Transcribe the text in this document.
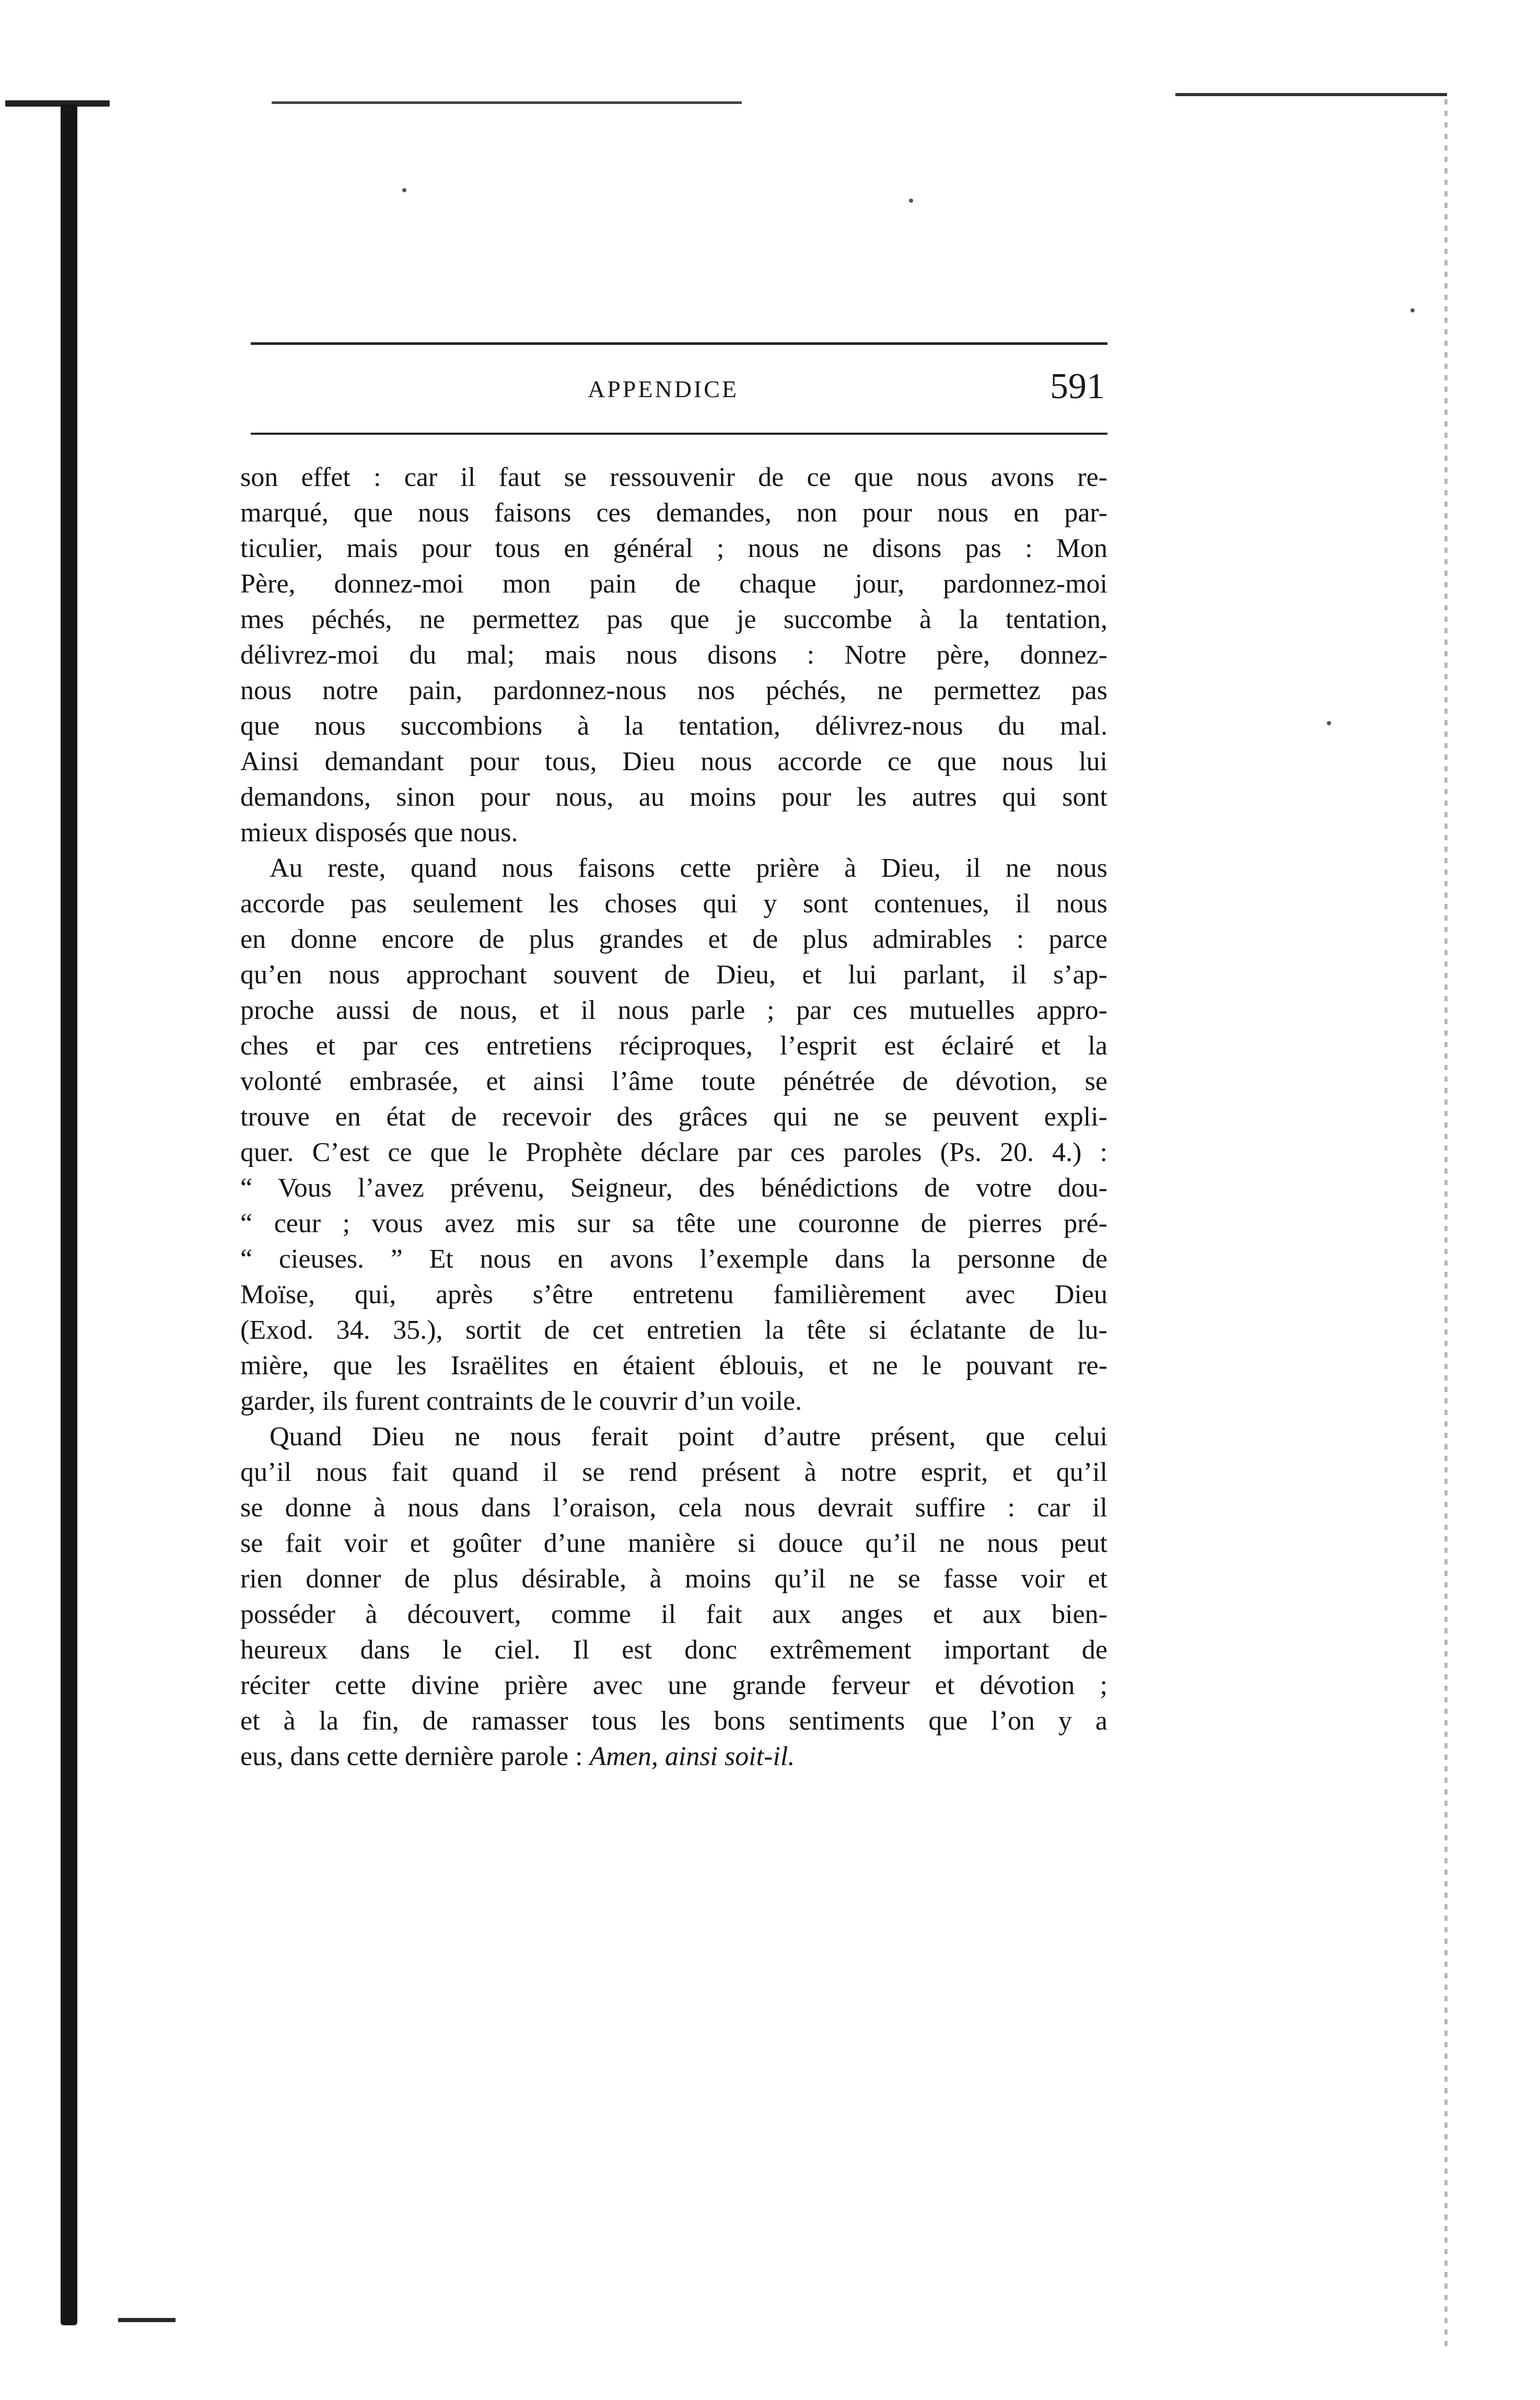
APPENDICE	591
son effet : car il faut se ressouvenir de ce que nous avons re-
marqué, que nous faisons ces demandes, non pour nous en par-
ticulier, mais pour tous en général ; nous ne disons pas : Mon
Père, donnez-moi mon pain de chaque jour, pardonnez-moi
mes péchés, ne permettez pas que je succombe à la tentation,
délivrez-moi du mal; mais nous disons : Notre père, donnez-
nous notre pain, pardonnez-nous nos péchés, ne permettez pas
que nous succombions à la tentation, délivrez-nous du mal.
Ainsi demandant pour tous, Dieu nous accorde ce que nous lui
demandons, sinon pour nous, au moins pour les autres qui sont
mieux disposés que nous.
Au reste, quand nous faisons cette prière à Dieu, il ne nous
accorde pas seulement les choses qui y sont contenues, il nous
en donne encore de plus grandes et de plus admirables : parce
qu’en nous approchant souvent de Dieu, et lui parlant, il s’ap-
proche aussi de nous, et il nous parle ; par ces mutuelles appro-
ches et par ces entretiens réciproques, l’esprit est éclairé et la
volonté embrasée, et ainsi l’âme toute pénétrée de dévotion, se
trouve en état de recevoir des grâces qui ne se peuvent expli-
quer. C’est ce que le Prophète déclare par ces paroles (Ps. 20. 4.) :
“ Vous l’avez prévenu, Seigneur, des bénédictions de votre dou-
“ ceur ; vous avez mis sur sa tête une couronne de pierres pré-
“ cieuses. ” Et nous en avons l’exemple dans la personne de
Moïse, qui, après s’être entretenu familièrement avec Dieu
(Exod. 34. 35.), sortit de cet entretien la tête si éclatante de lu-
mière, que les Israëlites en étaient éblouis, et ne le pouvant re-
garder, ils furent contraints de le couvrir d’un voile.
Quand Dieu ne nous ferait point d’autre présent, que celui
qu’il nous fait quand il se rend présent à notre esprit, et qu’il
se donne à nous dans l’oraison, cela nous devrait suffire : car il
se fait voir et goûter d’une manière si douce qu’il ne nous peut
rien donner de plus désirable, à moins qu’il ne se fasse voir et
posséder à découvert, comme il fait aux anges et aux bien-
heureux dans le ciel. Il est donc extrêmement important de
réciter cette divine prière avec une grande ferveur et dévotion ;
et à la fin, de ramasser tous les bons sentiments que l’on y a
eus, dans cette dernière parole : Amen, ainsi soit-il.
